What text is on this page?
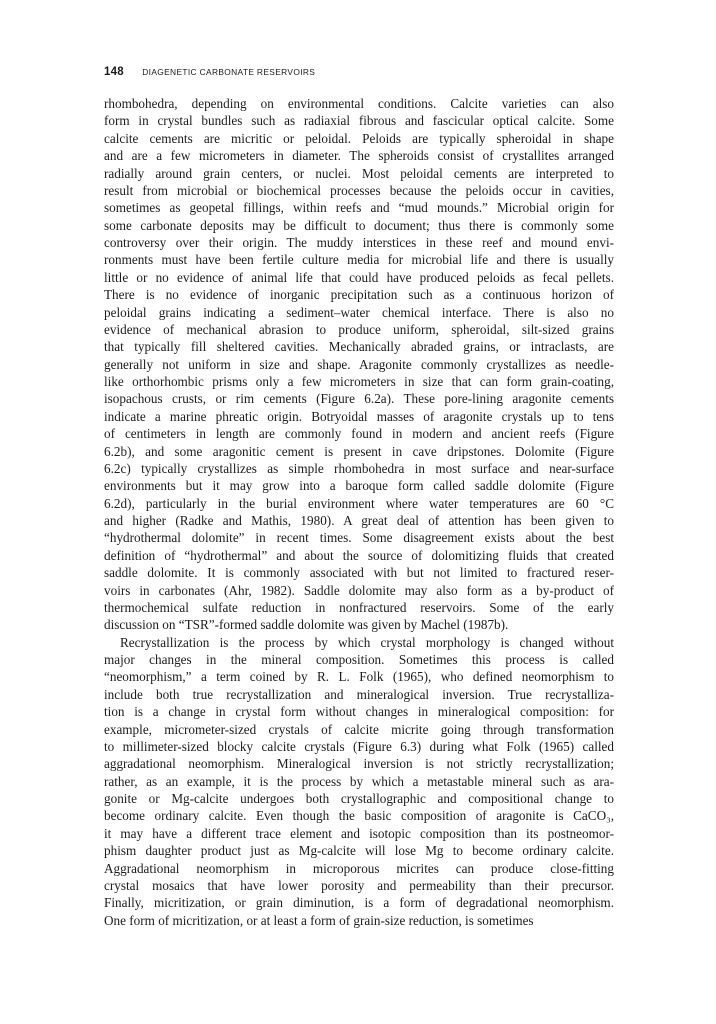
148 DIAGENETIC CARBONATE RESERVOIRS
rhombohedra, depending on environmental conditions. Calcite varieties can also
form in crystal bundles such as radiaxial fibrous and fascicular optical calcite. Some
calcite cements are micritic or peloidal. Peloids are typically spheroidal in shape
and are a few micrometers in diameter. The spheroids consist of crystallites arranged
radially around grain centers, or nuclei. Most peloidal cements are interpreted to
result from microbial or biochemical processes because the peloids occur in cavities,
sometimes as geopetal fillings, within reefs and “mud mounds.” Microbial origin for
some carbonate deposits may be difficult to document; thus there is commonly some
controversy over their origin. The muddy interstices in these reef and mound envi-
ronments must have been fertile culture media for microbial life and there is usually
little or no evidence of animal life that could have produced peloids as fecal pellets.
There is no evidence of inorganic precipitation such as a continuous horizon of
peloidal grains indicating a sediment–water chemical interface. There is also no
evidence of mechanical abrasion to produce uniform, spheroidal, silt-sized grains
that typically fill sheltered cavities. Mechanically abraded grains, or intraclasts, are
generally not uniform in size and shape. Aragonite commonly crystallizes as needle-
like orthorhombic prisms only a few micrometers in size that can form grain-coating,
isopachous crusts, or rim cements (Figure 6.2a). These pore-lining aragonite cements
indicate a marine phreatic origin. Botryoidal masses of aragonite crystals up to tens
of centimeters in length are commonly found in modern and ancient reefs (Figure
6.2b), and some aragonitic cement is present in cave dripstones. Dolomite (Figure
6.2c) typically crystallizes as simple rhombohedra in most surface and near-surface
environments but it may grow into a baroque form called saddle dolomite (Figure
6.2d), particularly in the burial environment where water temperatures are 60 °C
and higher (Radke and Mathis, 1980). A great deal of attention has been given to
“hydrothermal dolomite” in recent times. Some disagreement exists about the best
definition of “hydrothermal” and about the source of dolomitizing fluids that created
saddle dolomite. It is commonly associated with but not limited to fractured reser-
voirs in carbonates (Ahr, 1982). Saddle dolomite may also form as a by-product of
thermochemical sulfate reduction in nonfractured reservoirs. Some of the early
discussion on “TSR”-formed saddle dolomite was given by Machel (1987b).
Recrystallization is the process by which crystal morphology is changed without
major changes in the mineral composition. Sometimes this process is called
“neomorphism,” a term coined by R. L. Folk (1965), who defined neomorphism to
include both true recrystallization and mineralogical inversion. True recrystalliza-
tion is a change in crystal form without changes in mineralogical composition: for
example, micrometer-sized crystals of calcite micrite going through transformation
to millimeter-sized blocky calcite crystals (Figure 6.3) during what Folk (1965) called
aggradational neomorphism. Mineralogical inversion is not strictly recrystallization;
rather, as an example, it is the process by which a metastable mineral such as ara-
gonite or Mg-calcite undergoes both crystallographic and compositional change to
become ordinary calcite. Even though the basic composition of aragonite is CaCO₃,
it may have a different trace element and isotopic composition than its postneomor-
phism daughter product just as Mg-calcite will lose Mg to become ordinary calcite.
Aggradational neomorphism in microporous micrites can produce close-fitting
crystal mosaics that have lower porosity and permeability than their precursor.
Finally, micritization, or grain diminution, is a form of degradational neomorphism.
One form of micritization, or at least a form of grain-size reduction, is sometimes
